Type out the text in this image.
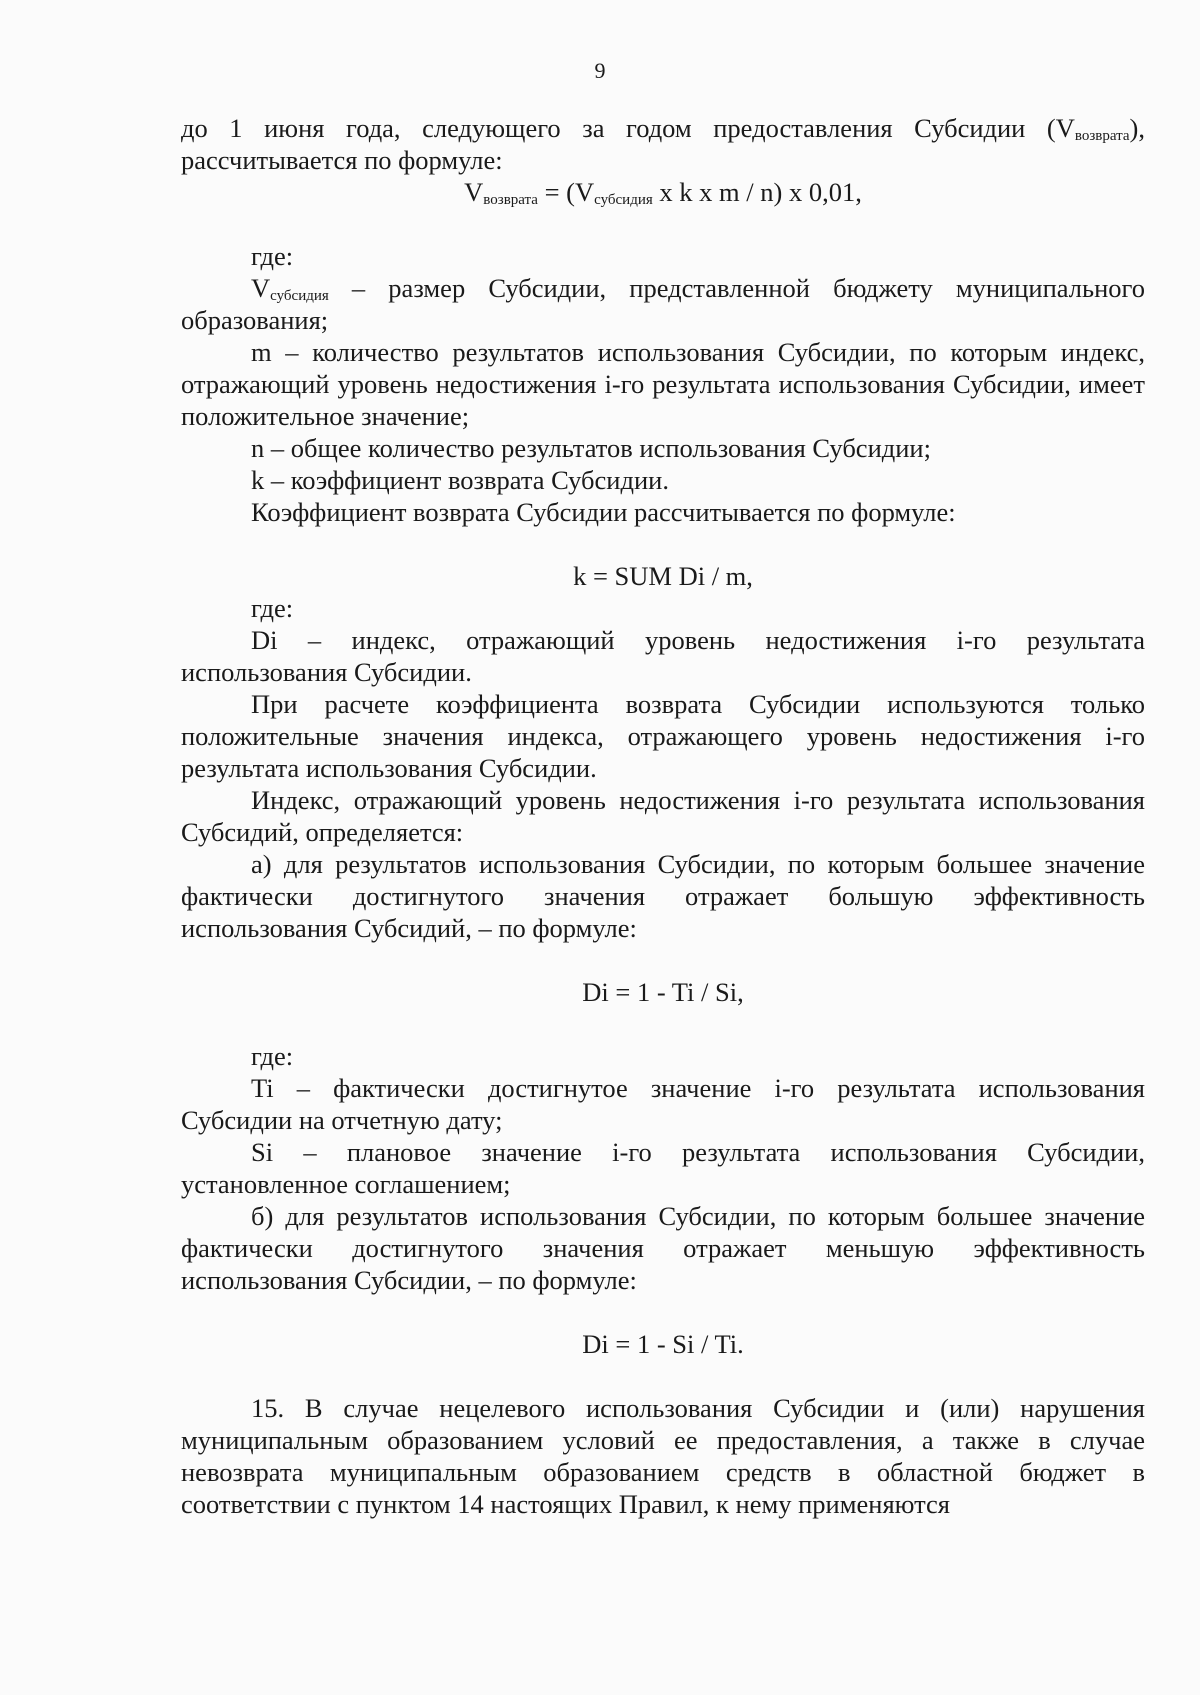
9

до 1 июня года, следующего за годом предоставления Субсидии $(V_{возврата})$, рассчитывается по формуле:

$V_{возврата} = (V_{субсидия}$ x k x m / n) x 0,01,

где:

$V_{субсидия}$ – размер Субсидии, представленной бюджету муниципального образования;

m – количество результатов использования Субсидии, по которым индекс, отражающий уровень недостижения i-го результата использования Субсидии, имеет положительное значение;

n – общее количество результатов использования Субсидии;

k – коэффициент возврата Субсидии.

Коэффициент возврата Субсидии рассчитывается по формуле:

k = SUM Di / m,

где:

Di – индекс, отражающий уровень недостижения i-го результата использования Субсидии.

При расчете коэффициента возврата Субсидии используются только положительные значения индекса, отражающего уровень недостижения i-го результата использования Субсидии.

Индекс, отражающий уровень недостижения i-го результата использования Субсидий, определяется:

а) для результатов использования Субсидии, по которым большее значение фактически достигнутого значения отражает большую эффективность использования Субсидий, – по формуле:

Di = 1 - Ti / Si,

где:

Ti – фактически достигнутое значение i-го результата использования Субсидии на отчетную дату;

Si – плановое значение i-го результата использования Субсидии, установленное соглашением;

б) для результатов использования Субсидии, по которым большее значение фактически достигнутого значения отражает меньшую эффективность использования Субсидии, – по формуле:

Di = 1 - Si / Ti.

15. В случае нецелевого использования Субсидии и (или) нарушения муниципальным образованием условий ее предоставления, а также в случае невозврата муниципальным образованием средств в областной бюджет в соответствии с пунктом 14 настоящих Правил, к нему применяются
